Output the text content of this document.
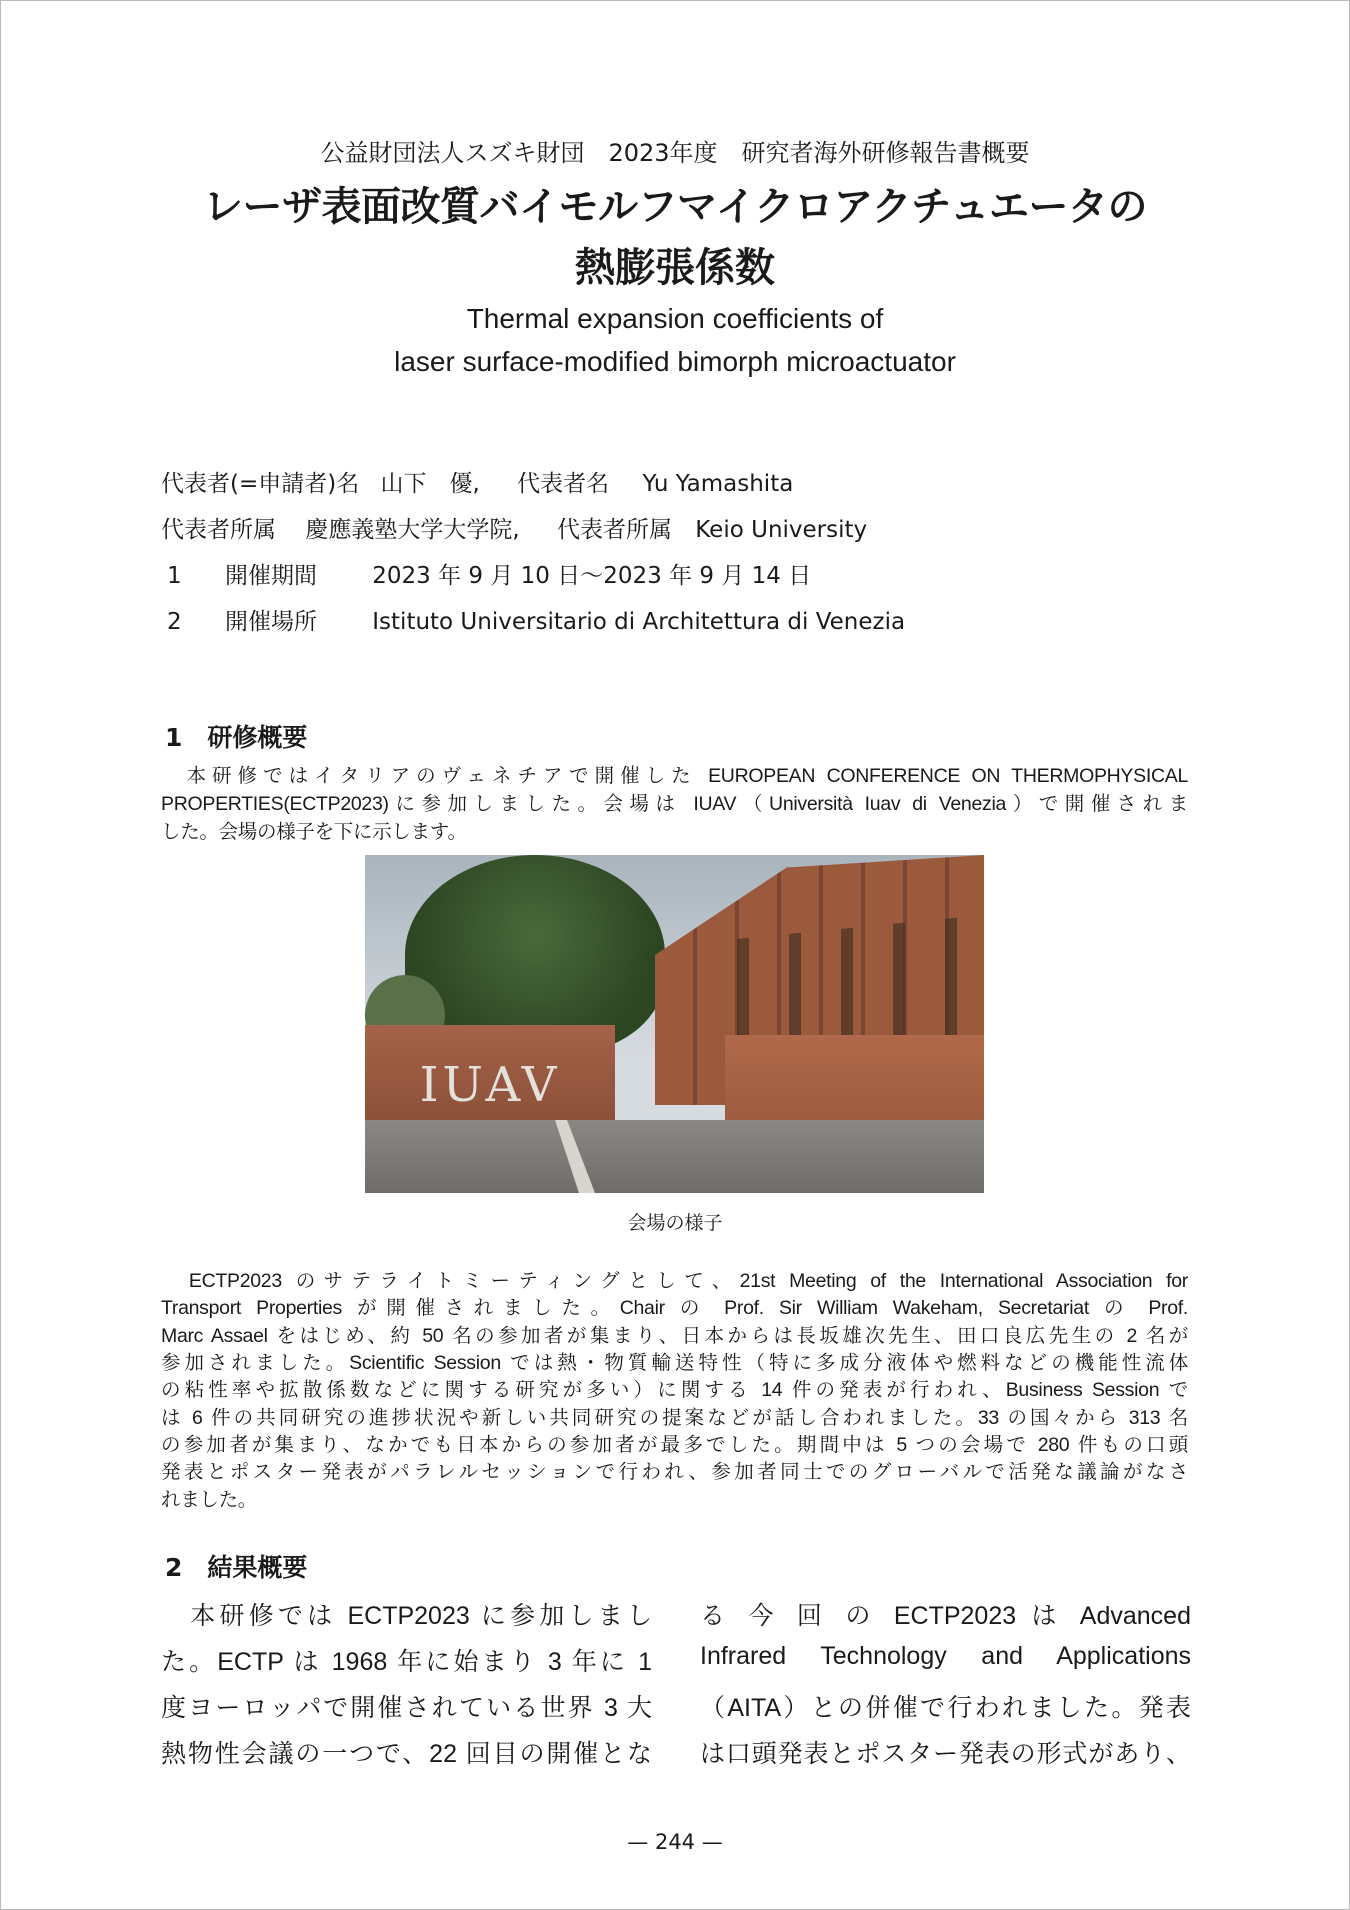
公益財団法人スズキ財団　2023年度　研究者海外研修報告書概要
レーザ表面改質バイモルフマイクロアクチュエータの
熱膨張係数
Thermal expansion coefficients of
laser surface-modified bimorph microactuator
代表者(=申請者)名 山下　優, 代表者名 Yu Yamashita
代表者所属 慶應義塾大学大学院, 代表者所属 Keio University
1 開催期間 2023 年 9 月 10 日～2023 年 9 月 14 日
2 開催場所 Istituto Universitario di Architettura di Venezia
1　研修概要
　本研修ではイタリアのヴェネチアで開催した EUROPEAN CONFERENCE ON THERMOPHYSICAL
PROPERTIES(ECTP2023)に参加しました。会場は IUAV（Università Iuav di Venezia）で開催されま
した。会場の様子を下に示します。
IUAV
会場の様子
　ECTP2023 のサテライトミーティングとして、21st Meeting of the International Association for
Transport Properties が開催されました。Chair の Prof. Sir William Wakeham, Secretariat の Prof.
Marc Assael をはじめ、約 50 名の参加者が集まり、日本からは長坂雄次先生、田口良広先生の 2 名が
参加されました。Scientific Session では熱・物質輸送特性（特に多成分液体や燃料などの機能性流体
の粘性率や拡散係数などに関する研究が多い）に関する 14 件の発表が行われ、Business Session で
は 6 件の共同研究の進捗状況や新しい共同研究の提案などが話し合われました。33 の国々から 313 名
の参加者が集まり、なかでも日本からの参加者が最多でした。期間中は 5 つの会場で 280 件もの口頭
発表とポスター発表がパラレルセッションで行われ、参加者同士でのグローバルで活発な議論がなさ
れました。
2　結果概要
　本研修では ECTP2023 に参加しまし
た。ECTP は 1968 年に始まり 3 年に 1
度ヨーロッパで開催されている世界 3 大
熱物性会議の一つで、22 回目の開催とな
る 今 回 の ECTP2023 は Advanced
Infrared Technology and Applications
（AITA）との併催で行われました。発表
は口頭発表とポスター発表の形式があり、
— 244 —
